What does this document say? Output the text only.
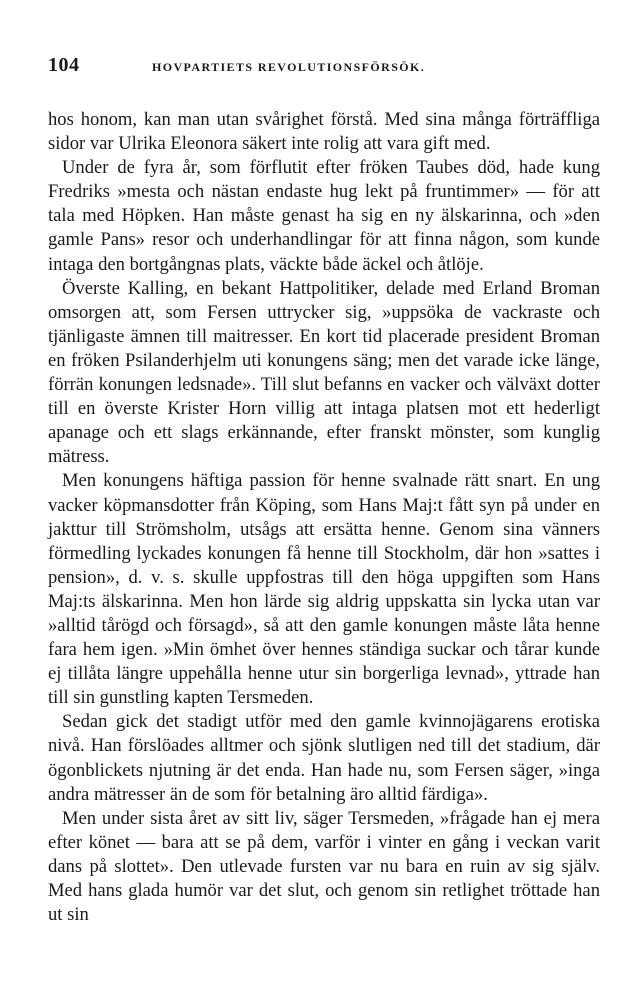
104	HOVPARTIETS REVOLUTIONSFÖRSÖK.

hos honom, kan man utan svårighet förstå. Med sina många förträffliga sidor var Ulrika Eleonora säkert inte rolig att vara gift med.

Under de fyra år, som förflutit efter fröken Taubes död, hade kung Fredriks »mesta och nästan endaste hug lekt på fruntimmer» — för att tala med Höpken. Han måste genast ha sig en ny älskarinna, och »den gamle Pans» resor och underhandlingar för att finna någon, som kunde intaga den bortgångnas plats, väckte både äckel och åtlöje.

Överste Kalling, en bekant Hattpolitiker, delade med Erland Broman omsorgen att, som Fersen uttrycker sig, »uppsöka de vackraste och tjänligaste ämnen till maitresser. En kort tid placerade president Broman en fröken Psilanderhjelm uti konungens säng; men det varade icke länge, förrän konungen ledsnade». Till slut befanns en vacker och välväxt dotter till en överste Krister Horn villig att intaga platsen mot ett hederligt apanage och ett slags erkännande, efter franskt mönster, som kunglig mätress.

Men konungens häftiga passion för henne svalnade rätt snart. En ung vacker köpmansdotter från Köping, som Hans Maj:t fått syn på under en jakttur till Strömsholm, utsågs att ersätta henne. Genom sina vänners förmedling lyckades konungen få henne till Stockholm, där hon »sattes i pension», d. v. s. skulle uppfostras till den höga uppgiften som Hans Maj:ts älskarinna. Men hon lärde sig aldrig uppskatta sin lycka utan var »alltid tårögd och försagd», så att den gamle konungen måste låta henne fara hem igen. »Min ömhet över hennes ständiga suckar och tårar kunde ej tillåta längre uppehålla henne utur sin borgerliga levnad», yttrade han till sin gunstling kapten Tersmeden.

Sedan gick det stadigt utför med den gamle kvinnojägarens erotiska nivå. Han förslöades alltmer och sjönk slutligen ned till det stadium, där ögonblickets njutning är det enda. Han hade nu, som Fersen säger, »inga andra mätresser än de som för betalning äro alltid färdiga».

Men under sista året av sitt liv, säger Tersmeden, »frågade han ej mera efter könet — bara att se på dem, varför i vinter en gång i veckan varit dans på slottet». Den utlevade fursten var nu bara en ruin av sig själv. Med hans glada humör var det slut, och genom sin retlighet tröttade han ut sin
